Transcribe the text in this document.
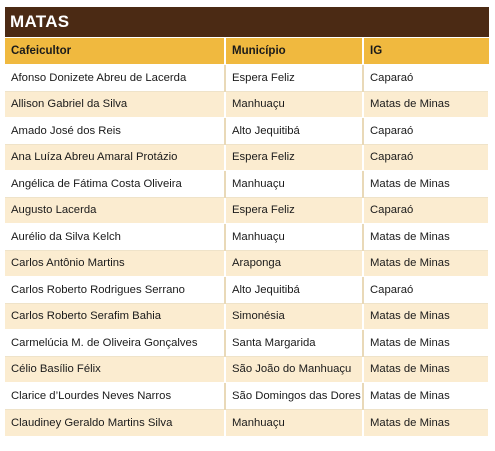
MATAS
Cafeicultor	Município	IG
Afonso Donizete Abreu de Lacerda	Espera Feliz	Caparaó
Allison Gabriel da Silva	Manhuaçu	Matas de Minas
Amado José dos Reis	Alto Jequitibá	Caparaó
Ana Luíza Abreu Amaral Protázio	Espera Feliz	Caparaó
Angélica de Fátima Costa Oliveira	Manhuaçu	Matas de Minas
Augusto Lacerda	Espera Feliz	Caparaó
Aurélio da Silva Kelch	Manhuaçu	Matas de Minas
Carlos Antônio Martins	Araponga	Matas de Minas
Carlos Roberto Rodrigues Serrano	Alto Jequitibá	Caparaó
Carlos Roberto Serafim Bahia	Simonésia	Matas de Minas
Carmelúcia M. de Oliveira Gonçalves	Santa Margarida	Matas de Minas
Célio Basílio Félix	São João do Manhuaçu	Matas de Minas
Clarice d’Lourdes Neves Narros	São Domingos das Dores	Matas de Minas
Claudiney Geraldo Martins Silva	Manhuaçu	Matas de Minas
